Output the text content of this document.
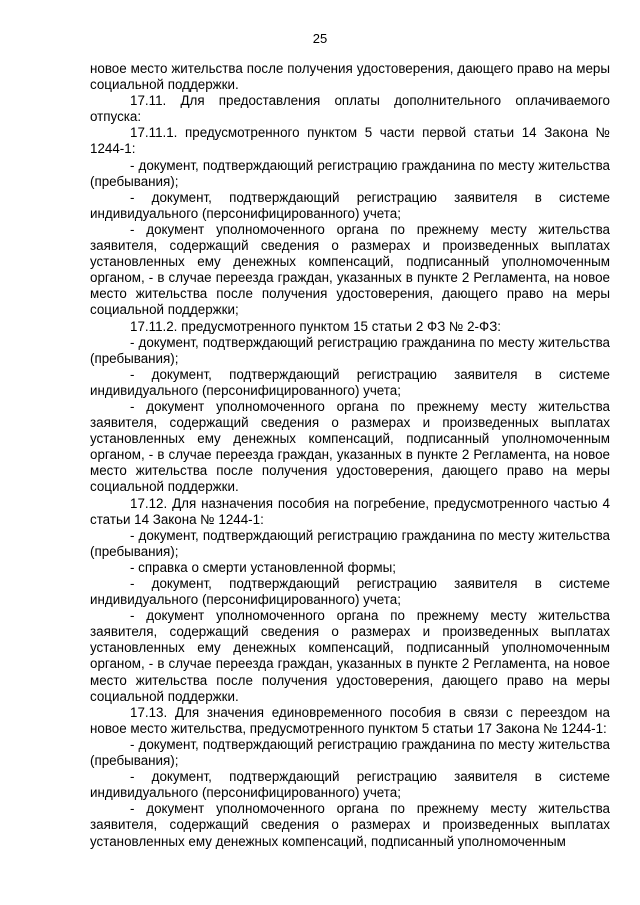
25

новое место жительства после получения удостоверения, дающего право на меры социальной поддержки.

17.11. Для предоставления оплаты дополнительного оплачиваемого отпуска:

17.11.1. предусмотренного пунктом 5 части первой статьи 14 Закона № 1244-1:

- документ, подтверждающий регистрацию гражданина по месту жительства (пребывания);

- документ, подтверждающий регистрацию заявителя в системе индивидуального (персонифицированного) учета;

- документ уполномоченного органа по прежнему месту жительства заявителя, содержащий сведения о размерах и произведенных выплатах установленных ему денежных компенсаций, подписанный уполномоченным органом, - в случае переезда граждан, указанных в пункте 2 Регламента, на новое место жительства после получения удостоверения, дающего право на меры социальной поддержки;

17.11.2. предусмотренного пунктом 15 статьи 2 ФЗ № 2-ФЗ:

- документ, подтверждающий регистрацию гражданина по месту жительства (пребывания);

- документ, подтверждающий регистрацию заявителя в системе индивидуального (персонифицированного) учета;

- документ уполномоченного органа по прежнему месту жительства заявителя, содержащий сведения о размерах и произведенных выплатах установленных ему денежных компенсаций, подписанный уполномоченным органом, - в случае переезда граждан, указанных в пункте 2 Регламента, на новое место жительства после получения удостоверения, дающего право на меры социальной поддержки.

17.12. Для назначения пособия на погребение, предусмотренного частью 4 статьи 14 Закона № 1244-1:

- документ, подтверждающий регистрацию гражданина по месту жительства (пребывания);

- справка о смерти установленной формы;

- документ, подтверждающий регистрацию заявителя в системе индивидуального (персонифицированного) учета;

- документ уполномоченного органа по прежнему месту жительства заявителя, содержащий сведения о размерах и произведенных выплатах установленных ему денежных компенсаций, подписанный уполномоченным органом, - в случае переезда граждан, указанных в пункте 2 Регламента, на новое место жительства после получения удостоверения, дающего право на меры социальной поддержки.

17.13. Для значения единовременного пособия в связи с переездом на новое место жительства, предусмотренного пунктом 5 статьи 17 Закона № 1244-1:

- документ, подтверждающий регистрацию гражданина по месту жительства (пребывания);

- документ, подтверждающий регистрацию заявителя в системе индивидуального (персонифицированного) учета;

- документ уполномоченного органа по прежнему месту жительства заявителя, содержащий сведения о размерах и произведенных выплатах установленных ему денежных компенсаций, подписанный уполномоченным
